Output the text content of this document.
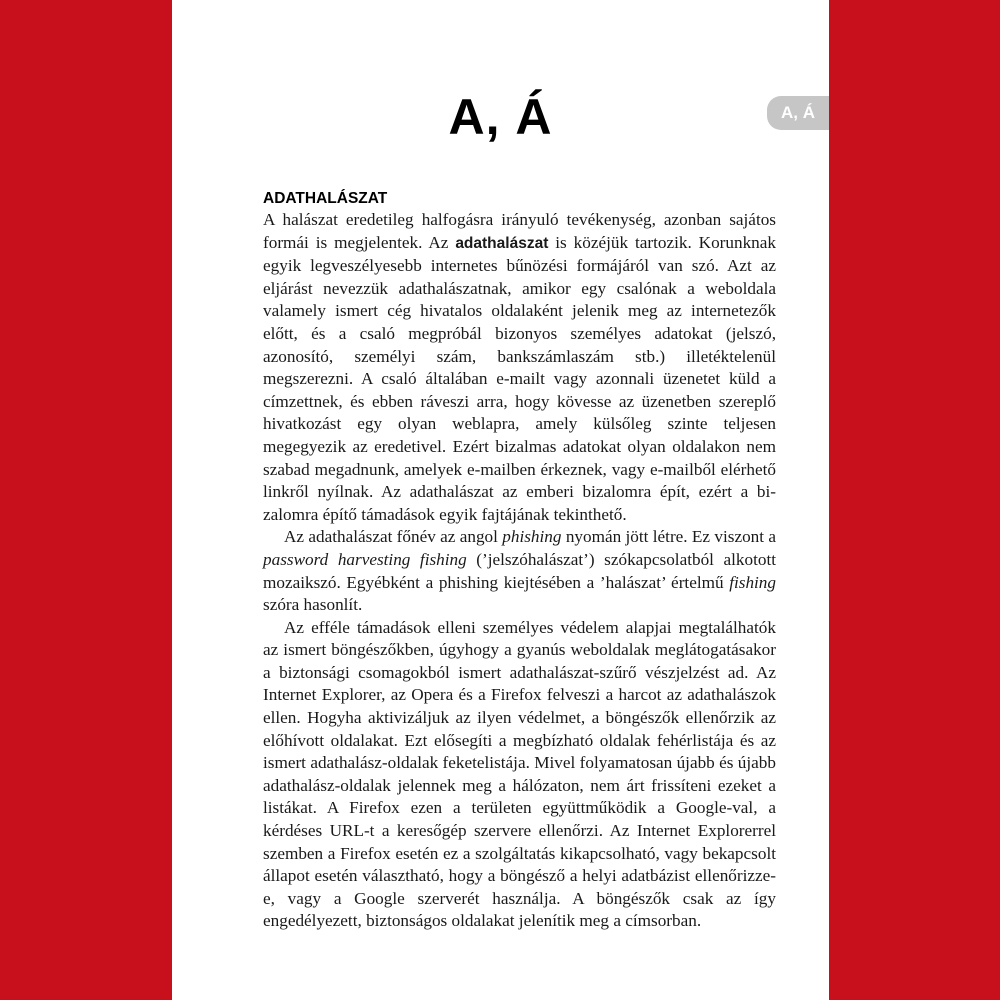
A, Á	A, Á
ADATHALÁSZAT

A halászat eredetileg halfogásra irányuló tevékenység, azonban sajátos formái is megjelentek. Az adathalászat is közéjük tartozik. Korunknak egyik legveszélyesebb internetes bűnözési formájáról van szó. Azt az eljárást nevezzük adathalászatnak, amikor egy csalónak a weboldala valamely ismert cég hivatalos oldalaként jelenik meg az internetezők előtt, és a csaló megpróbál bizonyos személyes adatokat (jelszó, azonosító, személyi szám, bankszámlaszám stb.) illetéktelenül megszerezni. A csaló általában e-mailt vagy azonnali üzenetet küld a címzettnek, és ebben ráveszi arra, hogy kövesse az üzenetben szereplő hivatkozást egy olyan weblapra, amely külsőleg szinte teljesen megegyezik az eredetivel. Ezért bizalmas adatokat olyan oldalakon nem szabad megadnunk, amelyek e-mailben érkeznek, vagy e-mailből elérhető linkről nyílnak. Az adathalászat az emberi bizalomra épít, ezért a bizalomra építő támadások egyik fajtájának tekinthető.

Az adathalászat főnév az angol phishing nyomán jött létre. Ez viszont a password harvesting fishing (’jelszóhalászat’) szókapcsolatból alkotott mozaikszó. Egyébként a phishing kiejtésében a ’halászat’ értelmű fishing szóra hasonlít.

Az efféle támadások elleni személyes védelem alapjai megtalálhatók az ismert böngészőkben, úgyhogy a gyanús weboldalak meglátogatásakor a biztonsági csomagokból ismert adathalászat-szűrő vészjelzést ad. Az Internet Explorer, az Opera és a Firefox felveszi a harcot az adathalászok ellen. Hogyha aktivizáljuk az ilyen védelmet, a böngészők ellenőrzik az előhívott oldalakat. Ezt elősegíti a megbízható oldalak fehérlistája és az ismert adathalász-oldalak feketelistája. Mivel folyamatosan újabb és újabb adathalász-oldalak jelennek meg a hálózaton, nem árt frissíteni ezeket a listákat. A Firefox ezen a területen együttműködik a Google-val, a kérdéses URL-t a keresőgép szervere ellenőrzi. Az Internet Explorerrel szemben a Firefox esetén ez a szolgáltatás kikapcsolható, vagy bekapcsolt állapot esetén választható, hogy a böngésző a helyi adatbázist ellenőrizze-e, vagy a Google szerverét használja. A böngészők csak az így engedélyezett, biztonságos oldalakat jelenítik meg a címsorban.
